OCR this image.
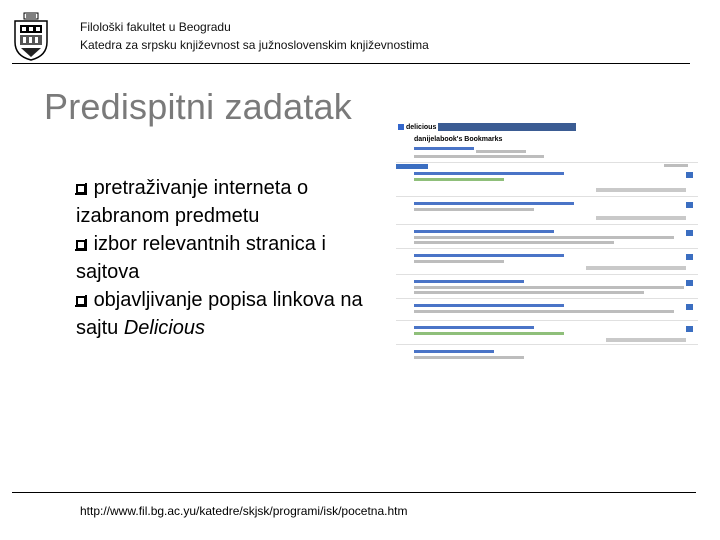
Filološki fakultet u Beogradu
Katedra za srpsku književnost sa južnoslovenskim književnostima
Predispitni zadatak
pretraživanje interneta o izabranom predmetu
izbor relevantnih stranica i sajtova
objavljivanje popisa linkova na sajtu Delicious
delicious
danijelabook's Bookmarks
http://www.fil.bg.ac.yu/katedre/skjsk/programi/isk/pocetna.htm
